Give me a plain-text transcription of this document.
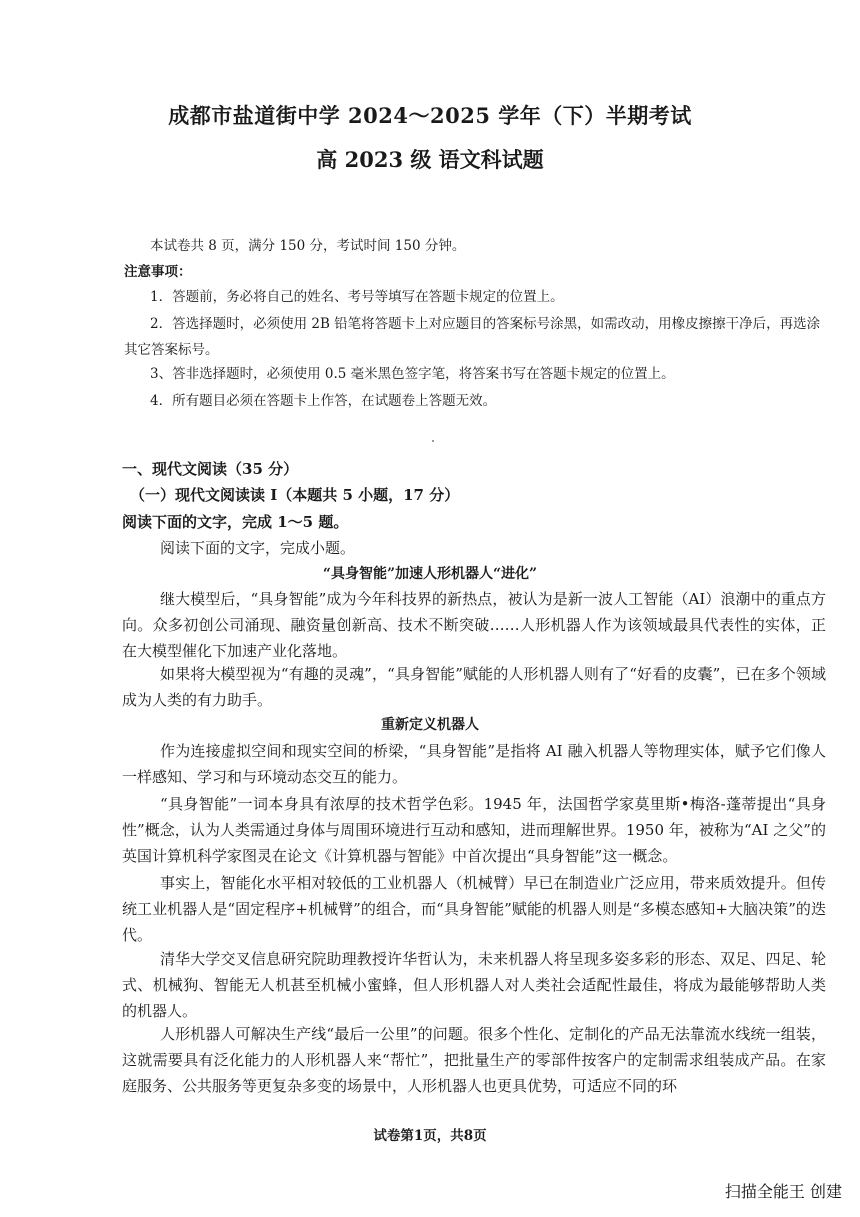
成都市盐道街中学 2024～2025 学年（下）半期考试
高 2023 级 语文科试题
本试卷共 8 页，满分 150 分，考试时间 150 分钟。
注意事项：
1．答题前，务必将自己的姓名、考号等填写在答题卡规定的位置上。
2．答选择题时，必须使用 2B 铅笔将答题卡上对应题目的答案标号涂黑，如需改动，用橡皮擦擦干净后，再选涂其它答案标号。
3、答非选择题时，必须使用 0.5 毫米黑色签字笔，将答案书写在答题卡规定的位置上。
4．所有题目必须在答题卡上作答，在试题卷上答题无效。
一、现代文阅读（35 分）
（一）现代文阅读读 I（本题共 5 小题，17 分）
阅读下面的文字，完成 1～5 题。
阅读下面的文字，完成小题。
“具身智能”加速人形机器人“进化”
继大模型后，“具身智能”成为今年科技界的新热点，被认为是新一波人工智能（AI）浪潮中的重点方向。众多初创公司涌现、融资量创新高、技术不断突破……人形机器人作为该领域最具代表性的实体，正在大模型催化下加速产业化落地。
如果将大模型视为“有趣的灵魂”，“具身智能”赋能的人形机器人则有了“好看的皮囊”，已在多个领域成为人类的有力助手。
重新定义机器人
作为连接虚拟空间和现实空间的桥梁，“具身智能”是指将 AI 融入机器人等物理实体，赋予它们像人一样感知、学习和与环境动态交互的能力。
“具身智能”一词本身具有浓厚的技术哲学色彩。1945 年，法国哲学家莫里斯•梅洛-蓬蒂提出“具身性”概念，认为人类需通过身体与周围环境进行互动和感知，进而理解世界。1950 年，被称为“AI 之父”的英国计算机科学家图灵在论文《计算机器与智能》中首次提出“具身智能”这一概念。
事实上，智能化水平相对较低的工业机器人（机械臂）早已在制造业广泛应用，带来质效提升。但传统工业机器人是“固定程序+机械臂”的组合，而“具身智能”赋能的机器人则是“多模态感知+大脑决策”的迭代。
清华大学交叉信息研究院助理教授许华哲认为，未来机器人将呈现多姿多彩的形态、双足、四足、轮式、机械狗、智能无人机甚至机械小蜜蜂，但人形机器人对人类社会适配性最佳，将成为最能够帮助人类的机器人。
人形机器人可解决生产线“最后一公里”的问题。很多个性化、定制化的产品无法靠流水线统一组装，这就需要具有泛化能力的人形机器人来“帮忙”，把批量生产的零部件按客户的定制需求组装成产品。在家庭服务、公共服务等更复杂多变的场景中，人形机器人也更具优势，可适应不同的环
试卷第1页，共8页
扫描全能王 创建
